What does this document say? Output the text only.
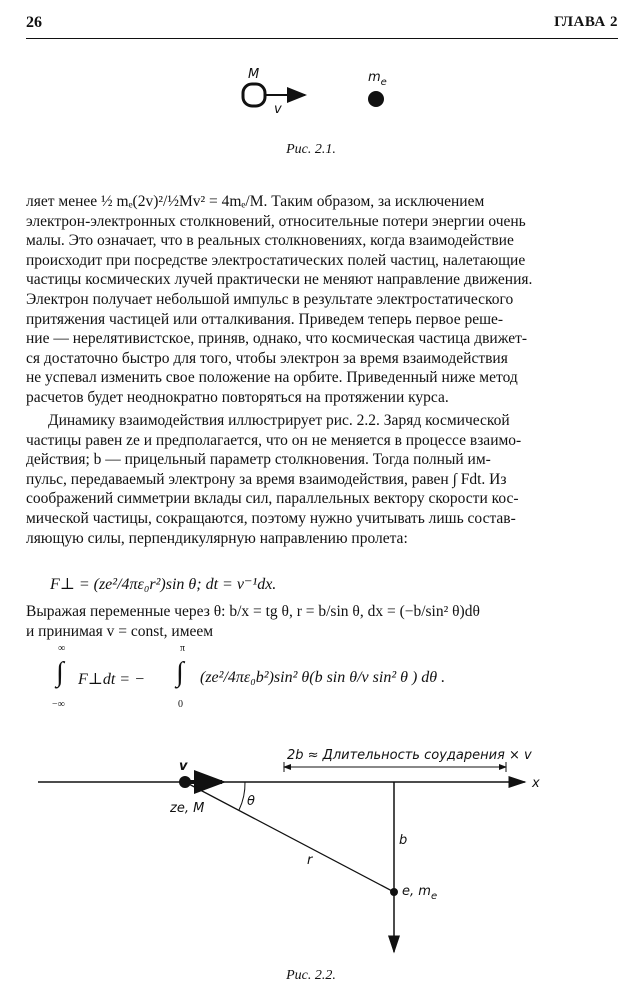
26	ГЛАВА 2
M
v
$m_e$
Рис. 2.1.

ляет менее ½ mₑ(2v)²/½Mv² = 4mₑ/M. Таким образом, за исключением

электрон-электронных столкновений, относительные потери энергии очень

малы. Это означает, что в реальных столкновениях, когда взаимодействие

происходит при посредстве электростатических полей частиц, налетающие

частицы космических лучей практически не меняют направление движения.

Электрон получает небольшой импульс в результате электростатического

притяжения частицей или отталкивания. Приведем теперь первое реше-

ние — нерелятивистское, приняв, однако, что космическая частица движет-

ся достаточно быстро для того, чтобы электрон за время взаимодействия

не успевал изменить свое положение на орбите. Приведенный ниже метод

расчетов будет неоднократно повторяться на протяжении курса.

Динамику взаимодействия иллюстрирует рис. 2.2. Заряд космической

частицы равен ze и предполагается, что он не меняется в процессе взаимо-

действия; b — прицельный параметр столкновения. Тогда полный им-

пульс, передаваемый электрону за время взаимодействия, равен ∫ Fdt. Из

соображений симметрии вклады сил, параллельных вектору скорости кос-

мической частицы, сокращаются, поэтому нужно учитывать лишь состав-

ляющую силы, перпендикулярную направлению пролета:

F⊥ = (ze²/4πε₀r²)sin θ; dt = v⁻¹dx.

Выражая переменные через θ: b/x = tg θ, r = b/sin θ, dx = (−b/sin² θ)dθ

и принимая v = const, имеем

∞
∫
−∞
F⊥dt = −
π
∫
0
(ze²/4πε₀b²)sin² θ(b sin θ/v sin² θ ) dθ .
x
v
ze, M
r
θ
b
e, $m_e$
2b ≈ Длительность соударения × v
Рис. 2.2.
